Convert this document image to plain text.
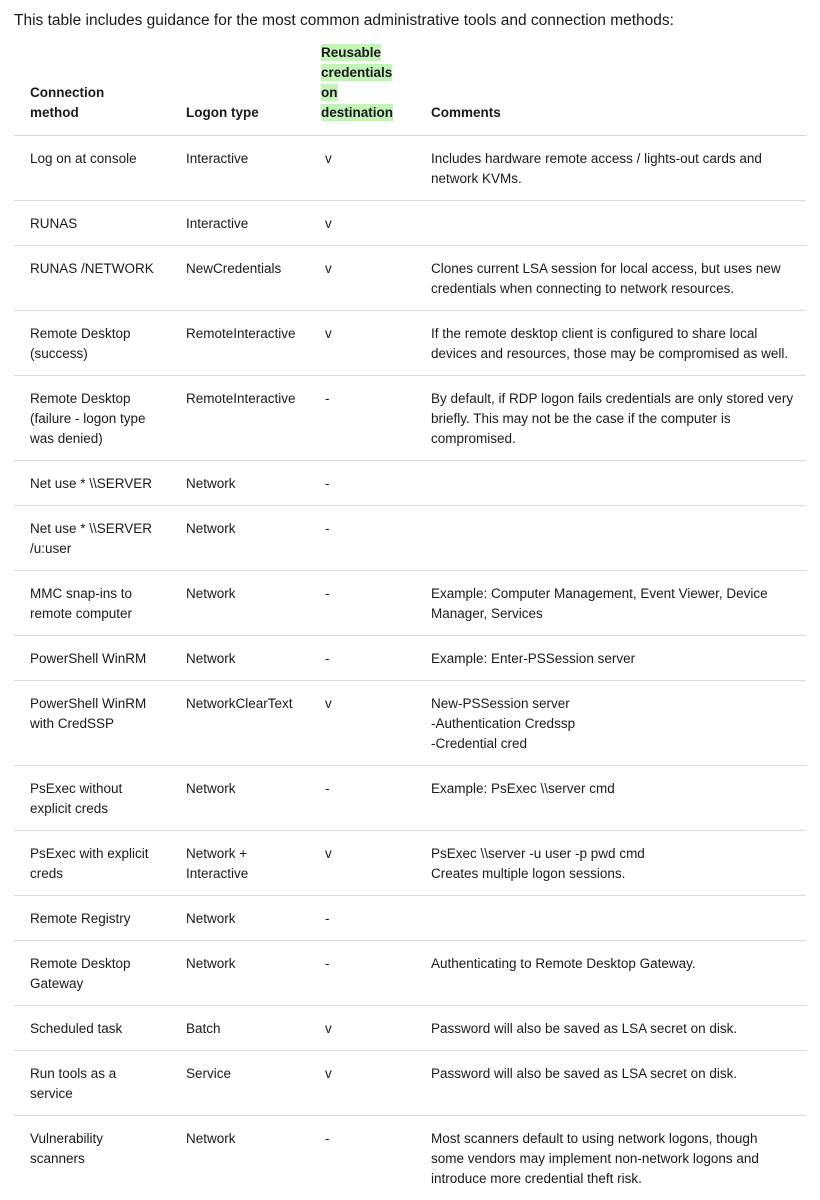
This table includes guidance for the most common administrative tools and connection methods:

Connection
method	Logon type	Reusable
credentials
on
destination	Comments

Log on at console	Interactive	v	Includes hardware remote access / lights-out cards and
network KVMs.

RUNAS	Interactive	v	

RUNAS /NETWORK	NewCredentials	v	Clones current LSA session for local access, but uses new
credentials when connecting to network resources.

Remote Desktop
(success)	RemoteInteractive	v	If the remote desktop client is configured to share local
devices and resources, those may be compromised as well.

Remote Desktop
(failure - logon type
was denied)	RemoteInteractive	-	By default, if RDP logon fails credentials are only stored very
briefly. This may not be the case if the computer is
compromised.

Net use * \\SERVER	Network	-	

Net use * \\SERVER
/u:user	Network	-	

MMC snap-ins to
remote computer	Network	-	Example: Computer Management, Event Viewer, Device
Manager, Services

PowerShell WinRM	Network	-	Example: Enter-PSSession server

PowerShell WinRM
with CredSSP	NetworkClearText	v	New-PSSession server
-Authentication Credssp
-Credential cred

PsExec without
explicit creds	Network	-	Example: PsExec \\server cmd

PsExec with explicit
creds	Network +
Interactive	v	PsExec \\server -u user -p pwd cmd
Creates multiple logon sessions.

Remote Registry	Network	-	

Remote Desktop
Gateway	Network	-	Authenticating to Remote Desktop Gateway.

Scheduled task	Batch	v	Password will also be saved as LSA secret on disk.

Run tools as a
service	Service	v	Password will also be saved as LSA secret on disk.

Vulnerability
scanners	Network	-	Most scanners default to using network logons, though
some vendors may implement non-network logons and
introduce more credential theft risk.
